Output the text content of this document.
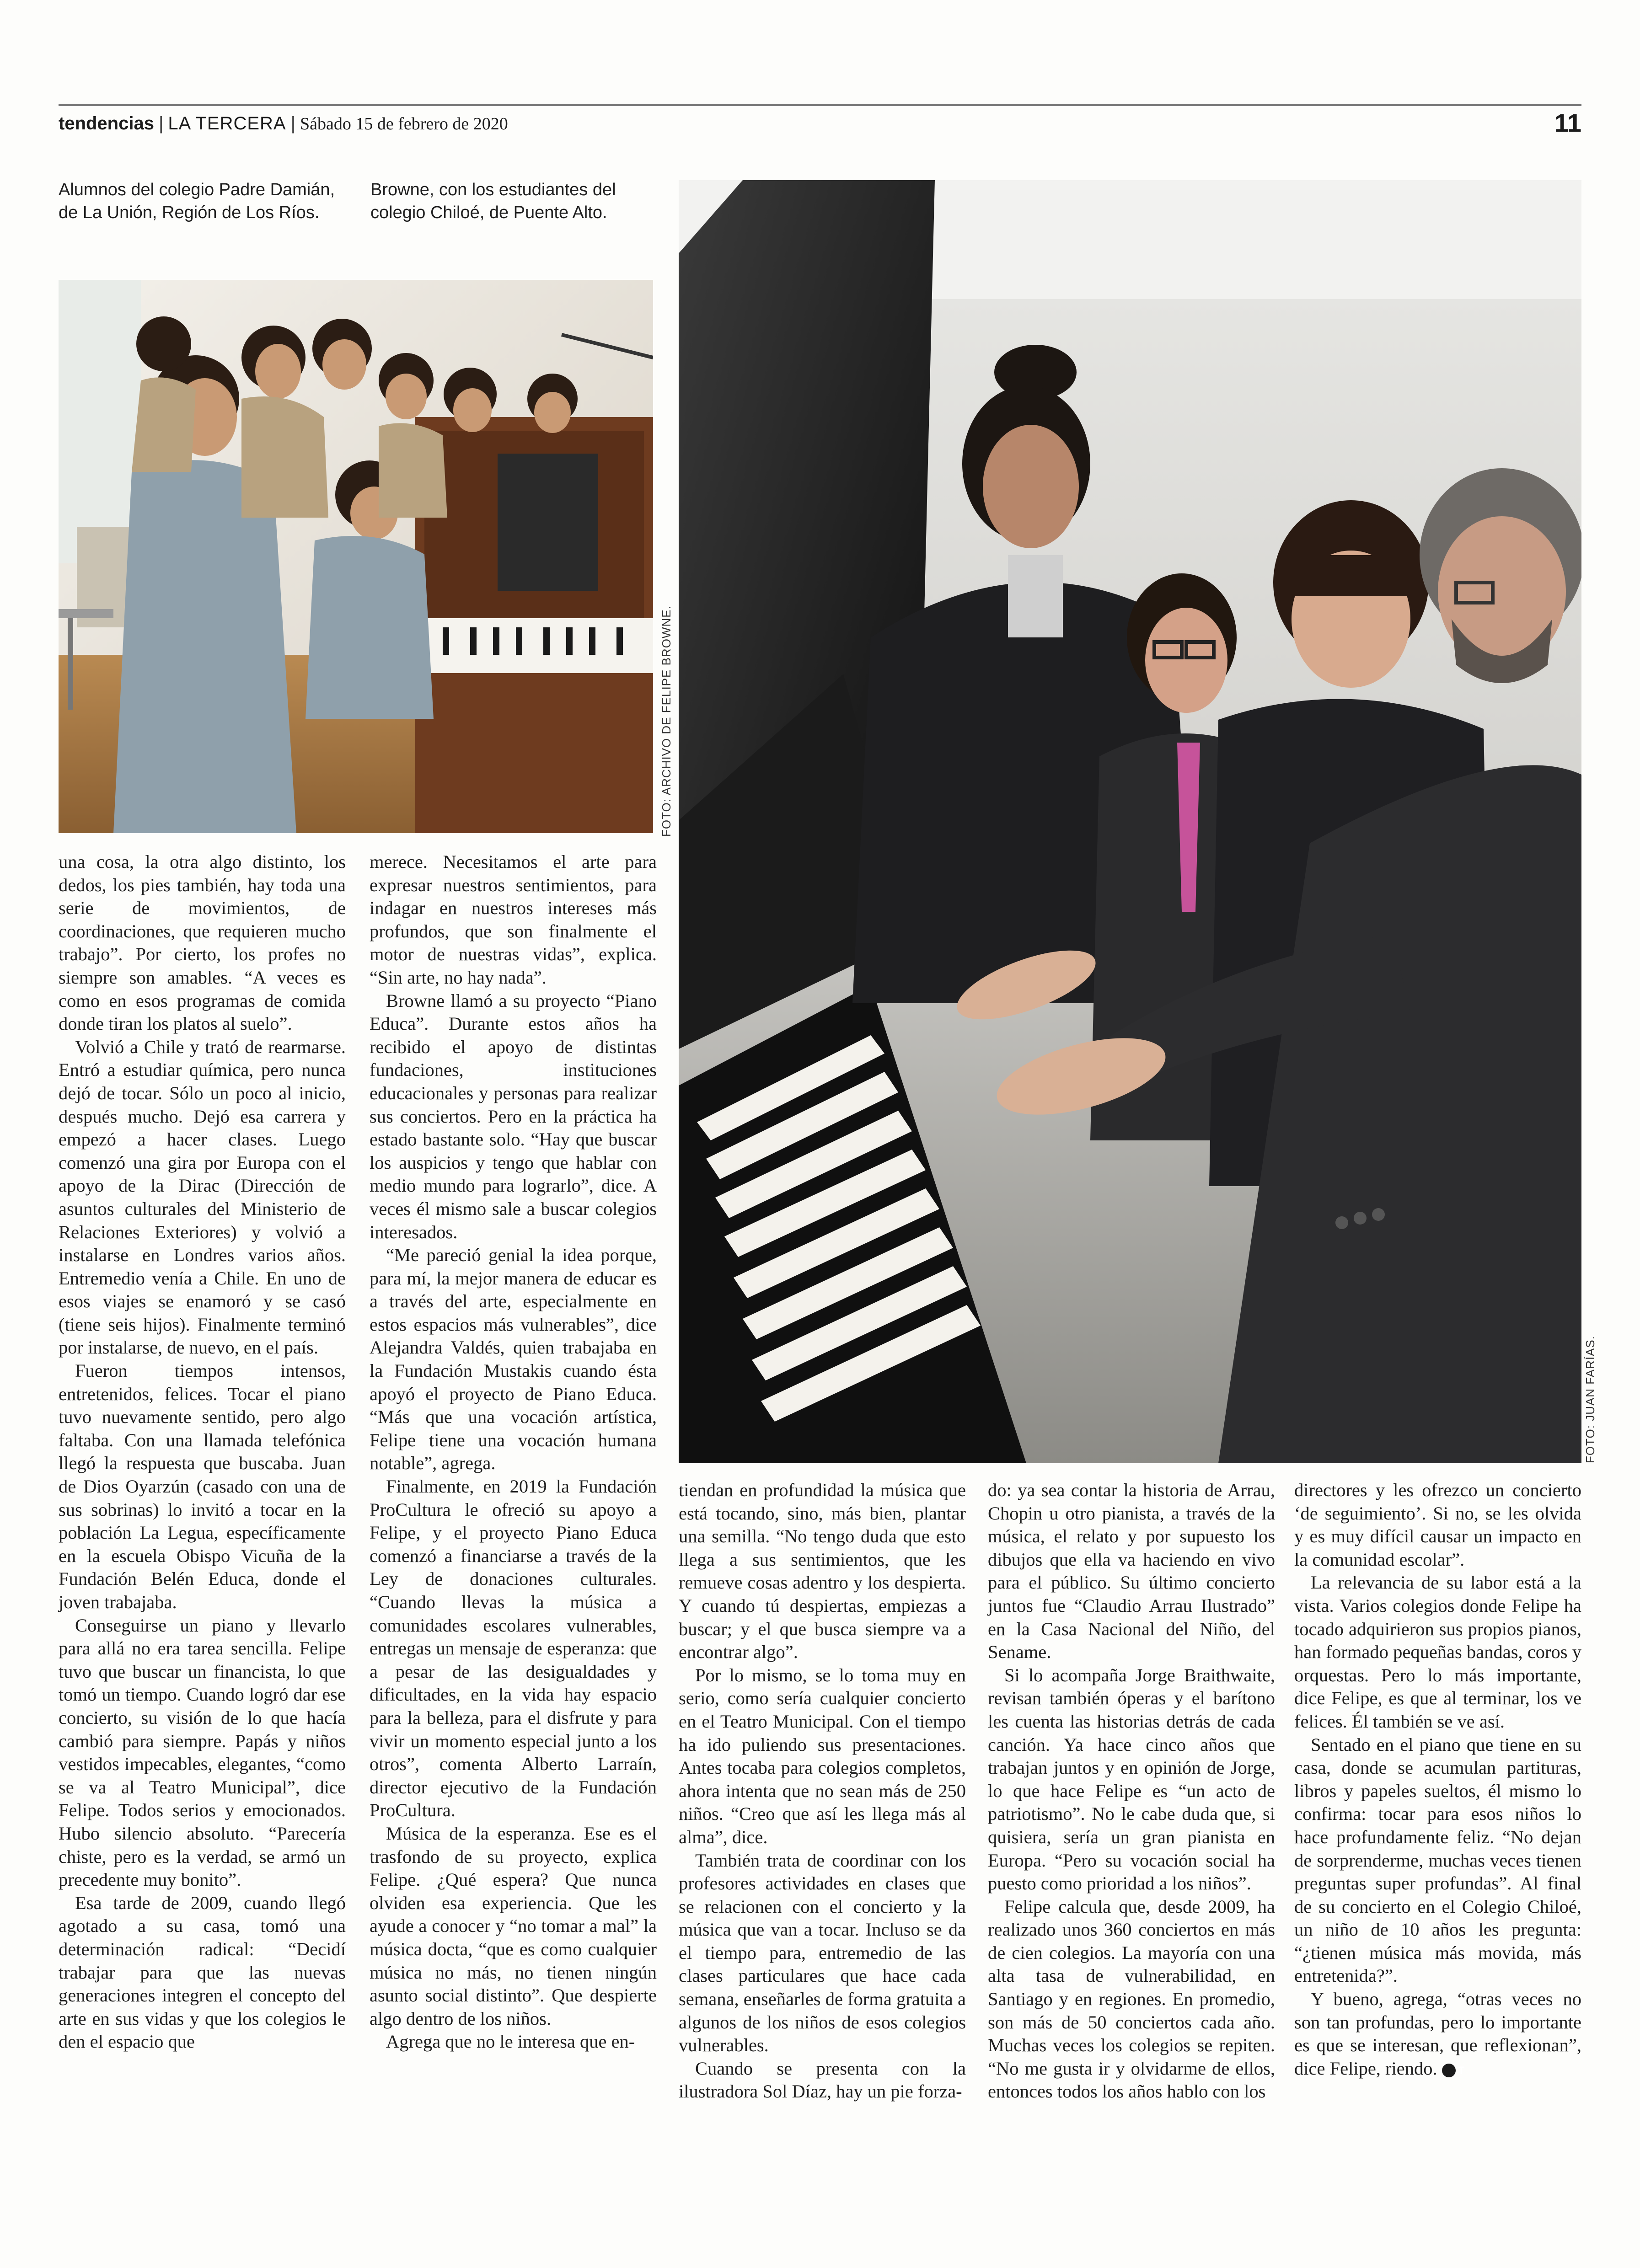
tendencias | LA TERCERA | Sábado 15 de febrero de 2020	11
Alumnos del colegio Padre Damián, de La Unión, Región de Los Ríos.
Browne, con los estudiantes del colegio Chiloé, de Puente Alto.
FOTO: ARCHIVO DE FELIPE BROWNE.
FOTO: JUAN FARÍAS.

una cosa, la otra algo distinto, los dedos, los pies también, hay toda una serie de movimientos, de coordinaciones, que requieren mucho trabajo”. Por cierto, los profes no siempre son amables. “A veces es como en esos programas de comida donde tiran los platos al suelo”.

Volvió a Chile y trató de rearmarse. Entró a estudiar química, pero nunca dejó de tocar. Sólo un poco al inicio, después mucho. Dejó esa carrera y empezó a hacer clases. Luego comenzó una gira por Europa con el apoyo de la Dirac (Dirección de asuntos culturales del Ministerio de Relaciones Exteriores) y volvió a instalarse en Londres varios años. Entremedio venía a Chile. En uno de esos viajes se enamoró y se casó (tiene seis hijos). Finalmente terminó por instalarse, de nuevo, en el país.

Fueron tiempos intensos, entretenidos, felices. Tocar el piano tuvo nuevamente sentido, pero algo faltaba. Con una llamada telefónica llegó la respuesta que buscaba. Juan de Dios Oyarzún (casado con una de sus sobrinas) lo invitó a tocar en la población La Legua, específicamente en la escuela Obispo Vicuña de la Fundación Belén Educa, donde el joven trabajaba.

Conseguirse un piano y llevarlo para allá no era tarea sencilla. Felipe tuvo que buscar un financista, lo que tomó un tiempo. Cuando logró dar ese concierto, su visión de lo que hacía cambió para siempre. Papás y niños vestidos impecables, elegantes, “como se va al Teatro Municipal”, dice Felipe. Todos serios y emocionados. Hubo silencio absoluto. “Parecería chiste, pero es la verdad, se armó un precedente muy bonito”.

Esa tarde de 2009, cuando llegó agotado a su casa, tomó una determinación radical: “Decidí trabajar para que las nuevas generaciones integren el concepto del arte en sus vidas y que los colegios le den el espacio que

merece. Necesitamos el arte para expresar nuestros sentimientos, para indagar en nuestros intereses más profundos, que son finalmente el motor de nuestras vidas”, explica. “Sin arte, no hay nada”.

Browne llamó a su proyecto “Piano Educa”. Durante estos años ha recibido el apoyo de distintas fundaciones, instituciones educacionales y personas para realizar sus conciertos. Pero en la práctica ha estado bastante solo. “Hay que buscar los auspicios y tengo que hablar con medio mundo para lograrlo”, dice. A veces él mismo sale a buscar colegios interesados.

“Me pareció genial la idea porque, para mí, la mejor manera de educar es a través del arte, especialmente en estos espacios más vulnerables”, dice Alejandra Valdés, quien trabajaba en la Fundación Mustakis cuando ésta apoyó el proyecto de Piano Educa. “Más que una vocación artística, Felipe tiene una vocación humana notable”, agrega.

Finalmente, en 2019 la Fundación ProCultura le ofreció su apoyo a Felipe, y el proyecto Piano Educa comenzó a financiarse a través de la Ley de donaciones culturales. “Cuando llevas la música a comunidades escolares vulnerables, entregas un mensaje de esperanza: que a pesar de las desigualdades y dificultades, en la vida hay espacio para la belleza, para el disfrute y para vivir un momento especial junto a los otros”, comenta Alberto Larraín, director ejecutivo de la Fundación ProCultura.

Música de la esperanza. Ese es el trasfondo de su proyecto, explica Felipe. ¿Qué espera? Que nunca olviden esa experiencia. Que les ayude a conocer y “no tomar a mal” la música docta, “que es como cualquier música no más, no tienen ningún asunto social distinto”. Que despierte algo dentro de los niños.

Agrega que no le interesa que en-

tiendan en profundidad la música que está tocando, sino, más bien, plantar una semilla. “No tengo duda que esto llega a sus sentimientos, que les remueve cosas adentro y los despierta. Y cuando tú despiertas, empiezas a buscar; y el que busca siempre va a encontrar algo”.

Por lo mismo, se lo toma muy en serio, como sería cualquier concierto en el Teatro Municipal. Con el tiempo ha ido puliendo sus presentaciones. Antes tocaba para colegios completos, ahora intenta que no sean más de 250 niños. “Creo que así les llega más al alma”, dice.

También trata de coordinar con los profesores actividades en clases que se relacionen con el concierto y la música que van a tocar. Incluso se da el tiempo para, entremedio de las clases particulares que hace cada semana, enseñarles de forma gratuita a algunos de los niños de esos colegios vulnerables.

Cuando se presenta con la ilustradora Sol Díaz, hay un pie forza-

do: ya sea contar la historia de Arrau, Chopin u otro pianista, a través de la música, el relato y por supuesto los dibujos que ella va haciendo en vivo para el público. Su último concierto juntos fue “Claudio Arrau Ilustrado” en la Casa Nacional del Niño, del Sename.

Si lo acompaña Jorge Braithwaite, revisan también óperas y el barítono les cuenta las historias detrás de cada canción. Ya hace cinco años que trabajan juntos y en opinión de Jorge, lo que hace Felipe es “un acto de patriotismo”. No le cabe duda que, si quisiera, sería un gran pianista en Europa. “Pero su vocación social ha puesto como prioridad a los niños”.

Felipe calcula que, desde 2009, ha realizado unos 360 conciertos en más de cien colegios. La mayoría con una alta tasa de vulnerabilidad, en Santiago y en regiones. En promedio, son más de 50 conciertos cada año. Muchas veces los colegios se repiten. “No me gusta ir y olvidarme de ellos, entonces todos los años hablo con los

directores y les ofrezco un concierto ‘de seguimiento’. Si no, se les olvida y es muy difícil causar un impacto en la comunidad escolar”.

La relevancia de su labor está a la vista. Varios colegios donde Felipe ha tocado adquirieron sus propios pianos, han formado pequeñas bandas, coros y orquestas. Pero lo más importante, dice Felipe, es que al terminar, los ve felices. Él también se ve así.

Sentado en el piano que tiene en su casa, donde se acumulan partituras, libros y papeles sueltos, él mismo lo confirma: tocar para esos niños lo hace profundamente feliz. “No dejan de sorprenderme, muchas veces tienen preguntas super profundas”. Al final de su concierto en el Colegio Chiloé, un niño de 10 años les pregunta: “¿tienen música más movida, más entretenida?”.

Y bueno, agrega, “otras veces no son tan profundas, pero lo importante es que se interesan, que reflexionan”, dice Felipe, riendo. T
